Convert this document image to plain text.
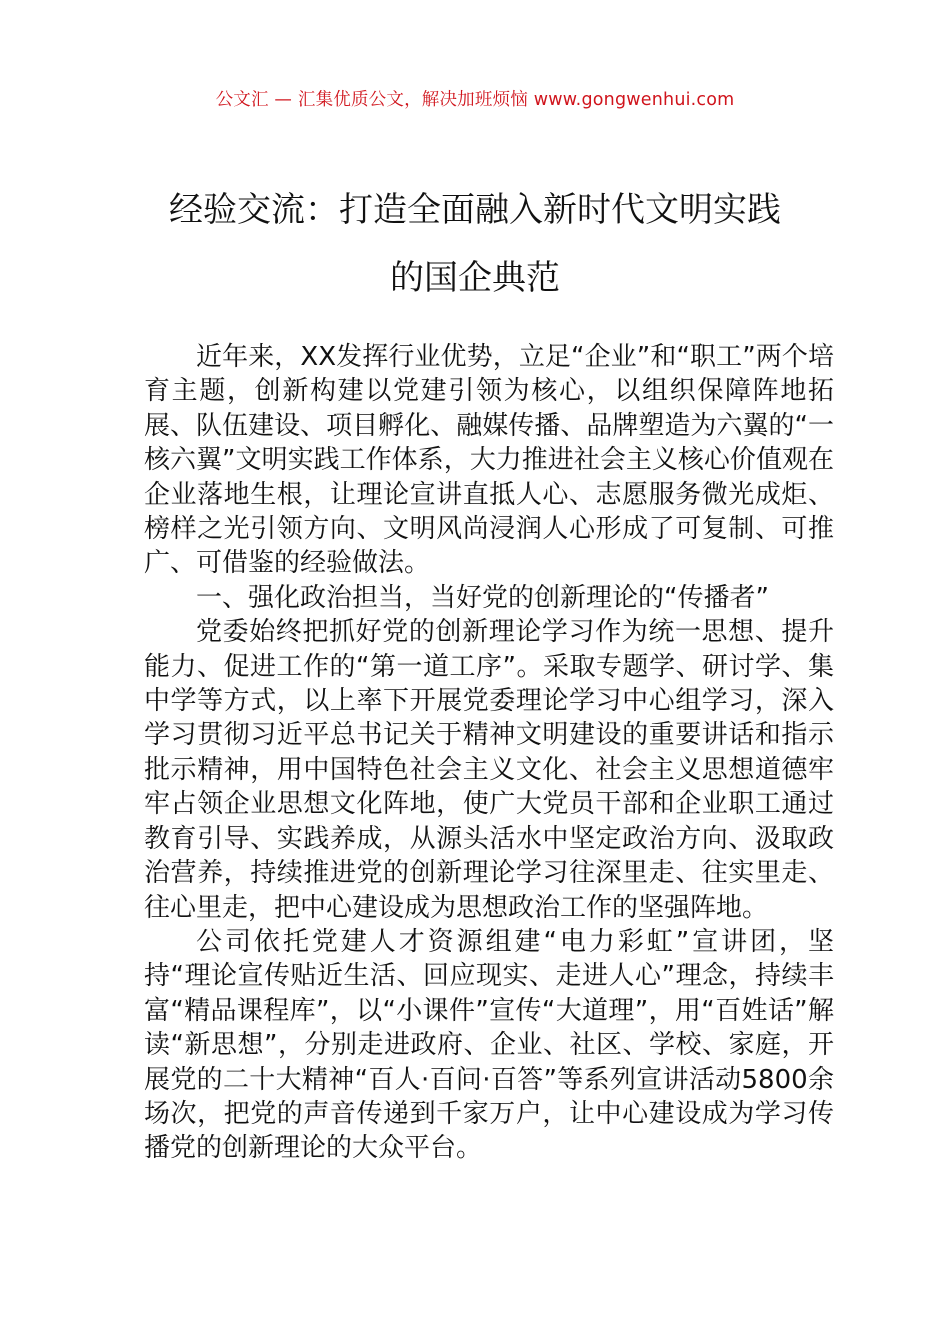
公文汇 — 汇集优质公文，解决加班烦恼 www.gongwenhui.com
经验交流：打造全面融入新时代文明实践
的国企典范

近年来，XX发挥行业优势，立足“企业”和“职工”两个培育主题，创新构建以党建引领为核心，以组织保障阵地拓展、队伍建设、项目孵化、融媒传播、品牌塑造为六翼的“一核六翼”文明实践工作体系，大力推进社会主义核心价值观在企业落地生根，让理论宣讲直抵人心、志愿服务微光成炬、榜样之光引领方向、文明风尚浸润人心形成了可复制、可推广、可借鉴的经验做法。

一、强化政治担当，当好党的创新理论的“传播者”

党委始终把抓好党的创新理论学习作为统一思想、提升能力、促进工作的“第一道工序”。采取专题学、研讨学、集中学等方式，以上率下开展党委理论学习中心组学习，深入学习贯彻习近平总书记关于精神文明建设的重要讲话和指示批示精神，用中国特色社会主义文化、社会主义思想道德牢牢占领企业思想文化阵地，使广大党员干部和企业职工通过教育引导、实践养成，从源头活水中坚定政治方向、汲取政治营养，持续推进党的创新理论学习往深里走、往实里走、往心里走，把中心建设成为思想政治工作的坚强阵地。

公司依托党建人才资源组建“电力彩虹”宣讲团，坚持“理论宣传贴近生活、回应现实、走进人心”理念，持续丰富“精品课程库”，以“小课件”宣传“大道理”，用“百姓话”解读“新思想”，分别走进政府、企业、社区、学校、家庭，开展党的二十大精神“百人·百问·百答”等系列宣讲活动5800余场次，把党的声音传递到千家万户，让中心建设成为学习传播党的创新理论的大众平台。
